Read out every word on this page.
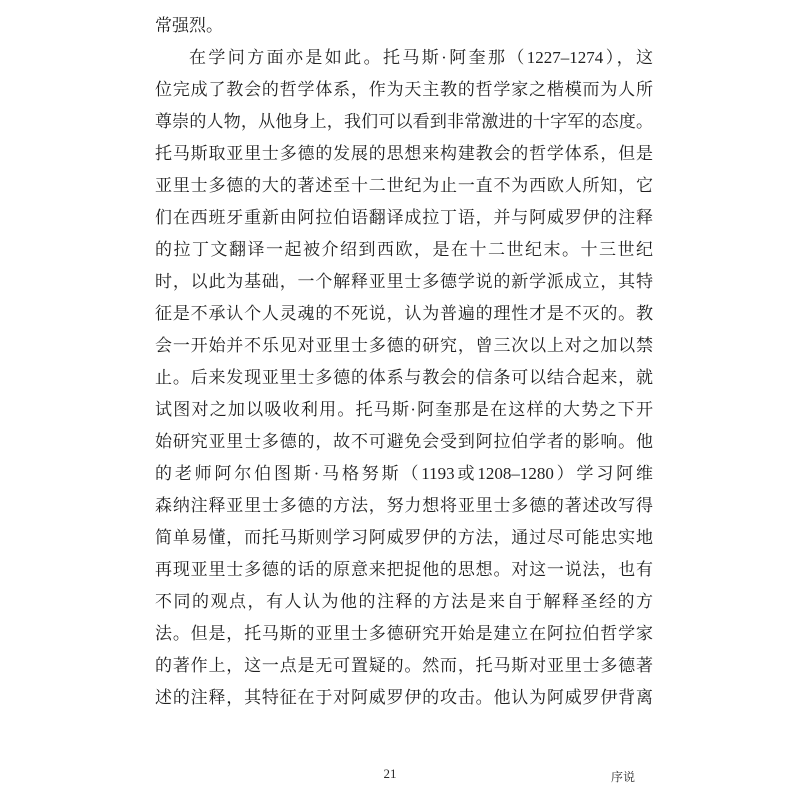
常强烈。
在学问方面亦是如此。托马斯·阿奎那（1227–1274），这
位完成了教会的哲学体系，作为天主教的哲学家之楷模而为人所
尊崇的人物，从他身上，我们可以看到非常激进的十字军的态度。
托马斯取亚里士多德的发展的思想来构建教会的哲学体系，但是
亚里士多德的大的著述至十二世纪为止一直不为西欧人所知，它
们在西班牙重新由阿拉伯语翻译成拉丁语，并与阿威罗伊的注释
的拉丁文翻译一起被介绍到西欧，是在十二世纪末。十三世纪
时，以此为基础，一个解释亚里士多德学说的新学派成立，其特
征是不承认个人灵魂的不死说，认为普遍的理性才是不灭的。教
会一开始并不乐见对亚里士多德的研究，曾三次以上对之加以禁
止。后来发现亚里士多德的体系与教会的信条可以结合起来，就
试图对之加以吸收利用。托马斯·阿奎那是在这样的大势之下开
始研究亚里士多德的，故不可避免会受到阿拉伯学者的影响。他
的老师阿尔伯图斯·马格努斯（1193或1208–1280）学习阿维
森纳注释亚里士多德的方法，努力想将亚里士多德的著述改写得
简单易懂，而托马斯则学习阿威罗伊的方法，通过尽可能忠实地
再现亚里士多德的话的原意来把捉他的思想。对这一说法，也有
不同的观点，有人认为他的注释的方法是来自于解释圣经的方
法。但是，托马斯的亚里士多德研究开始是建立在阿拉伯哲学家
的著作上，这一点是无可置疑的。然而，托马斯对亚里士多德著
述的注释，其特征在于对阿威罗伊的攻击。他认为阿威罗伊背离
21	序说
